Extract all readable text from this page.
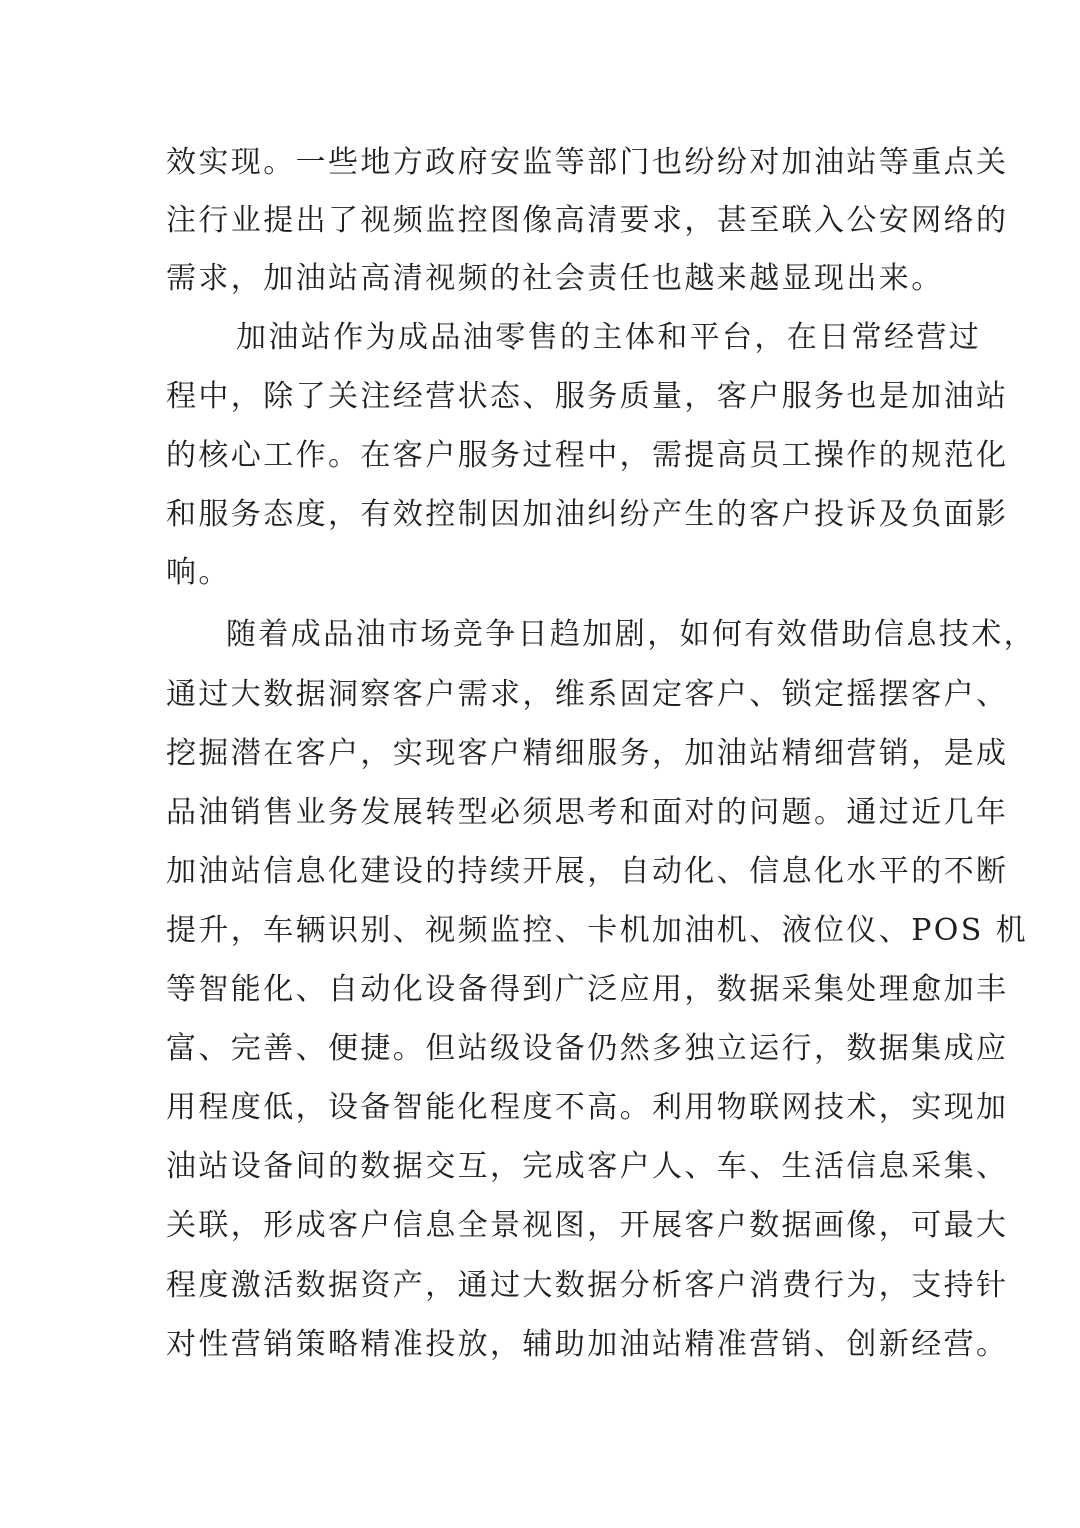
效实现。一些地方政府安监等部门也纷纷对加油站等重点关
注行业提出了视频监控图像高清要求，甚至联入公安网络的
需求，加油站高清视频的社会责任也越来越显现出来。
加油站作为成品油零售的主体和平台，在日常经营过
程中，除了关注经营状态、服务质量，客户服务也是加油站
的核心工作。在客户服务过程中，需提高员工操作的规范化
和服务态度，有效控制因加油纠纷产生的客户投诉及负面影
响。
随着成品油市场竞争日趋加剧，如何有效借助信息技术，
通过大数据洞察客户需求，维系固定客户、锁定摇摆客户、
挖掘潜在客户，实现客户精细服务，加油站精细营销，是成
品油销售业务发展转型必须思考和面对的问题。通过近几年
加油站信息化建设的持续开展，自动化、信息化水平的不断
提升，车辆识别、视频监控、卡机加油机、液位仪、POS 机
等智能化、自动化设备得到广泛应用，数据采集处理愈加丰
富、完善、便捷。但站级设备仍然多独立运行，数据集成应
用程度低，设备智能化程度不高。利用物联网技术，实现加
油站设备间的数据交互，完成客户人、车、生活信息采集、
关联，形成客户信息全景视图，开展客户数据画像，可最大
程度激活数据资产，通过大数据分析客户消费行为，支持针
对性营销策略精准投放，辅助加油站精准营销、创新经营。
